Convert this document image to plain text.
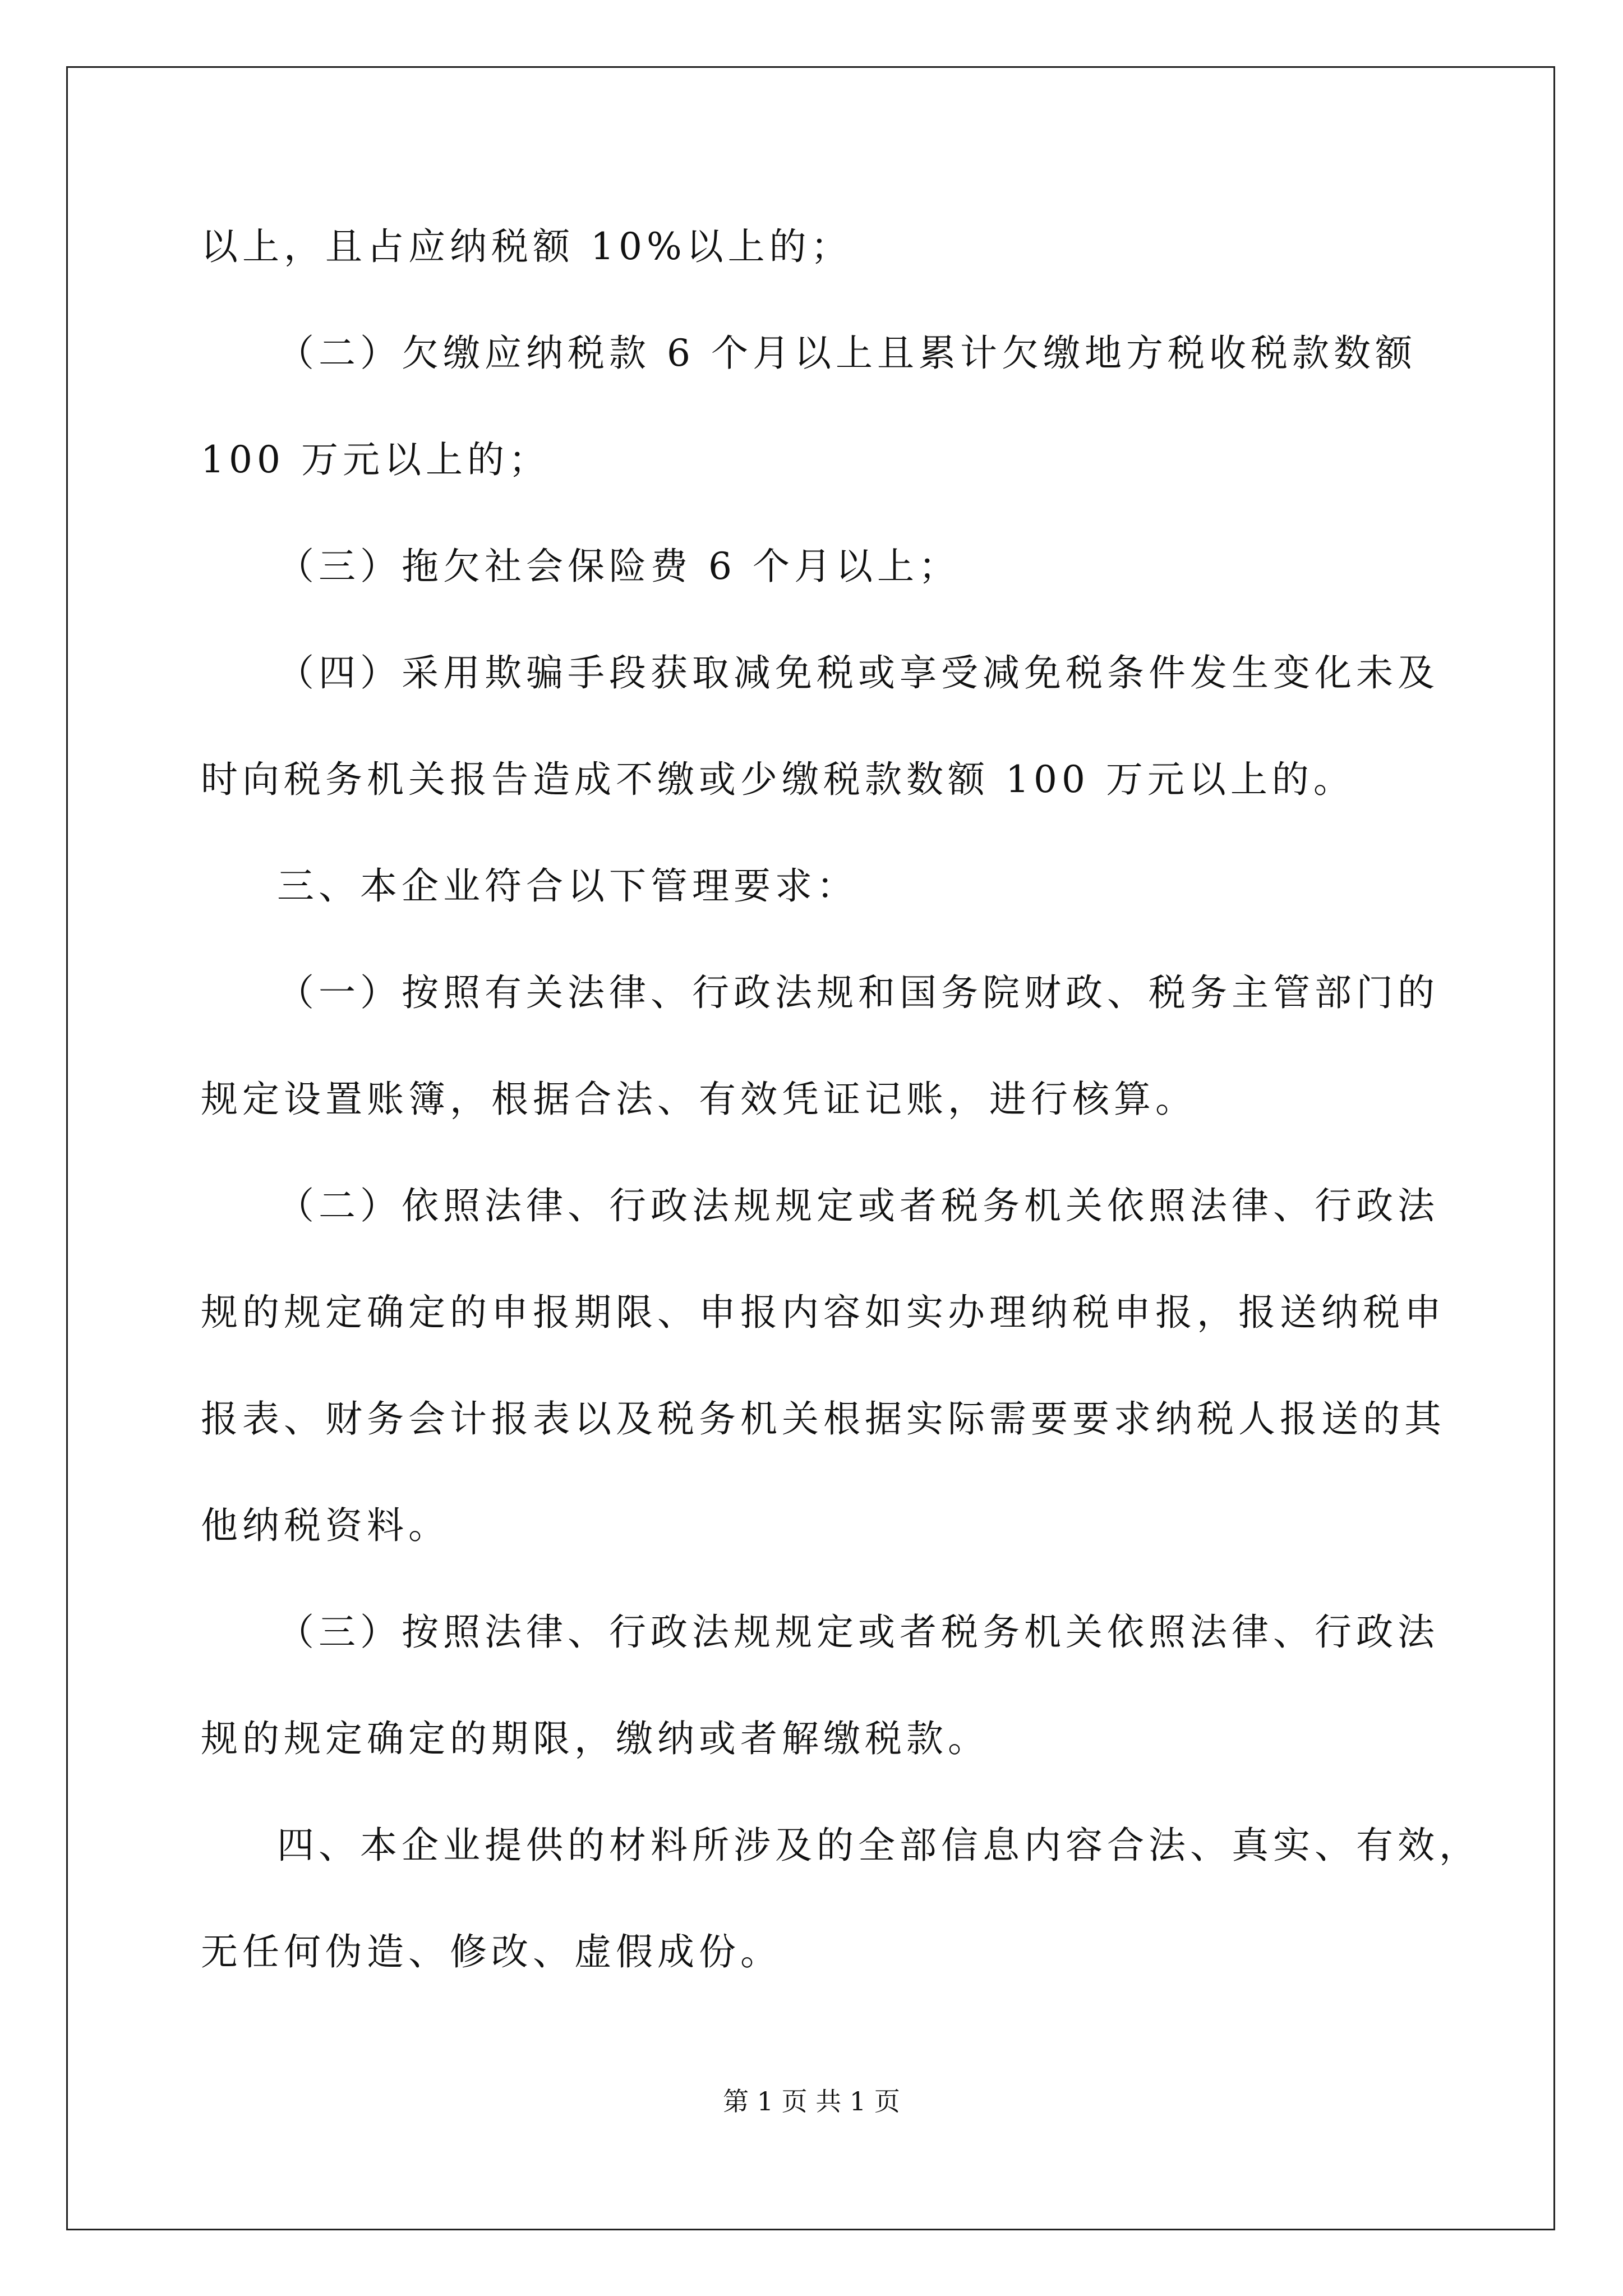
以上，且占应纳税额 10%以上的；
（二）欠缴应纳税款 6 个月以上且累计欠缴地方税收税款数额
100 万元以上的；
（三）拖欠社会保险费 6 个月以上；
（四）采用欺骗手段获取减免税或享受减免税条件发生变化未及
时向税务机关报告造成不缴或少缴税款数额 100 万元以上的。
三、本企业符合以下管理要求：
（一）按照有关法律、行政法规和国务院财政、税务主管部门的
规定设置账簿，根据合法、有效凭证记账，进行核算。
（二）依照法律、行政法规规定或者税务机关依照法律、行政法
规的规定确定的申报期限、申报内容如实办理纳税申报，报送纳税申
报表、财务会计报表以及税务机关根据实际需要要求纳税人报送的其
他纳税资料。
（三）按照法律、行政法规规定或者税务机关依照法律、行政法
规的规定确定的期限，缴纳或者解缴税款。
四、本企业提供的材料所涉及的全部信息内容合法、真实、有效，
无任何伪造、修改、虚假成份。
第 1 页 共 1 页
